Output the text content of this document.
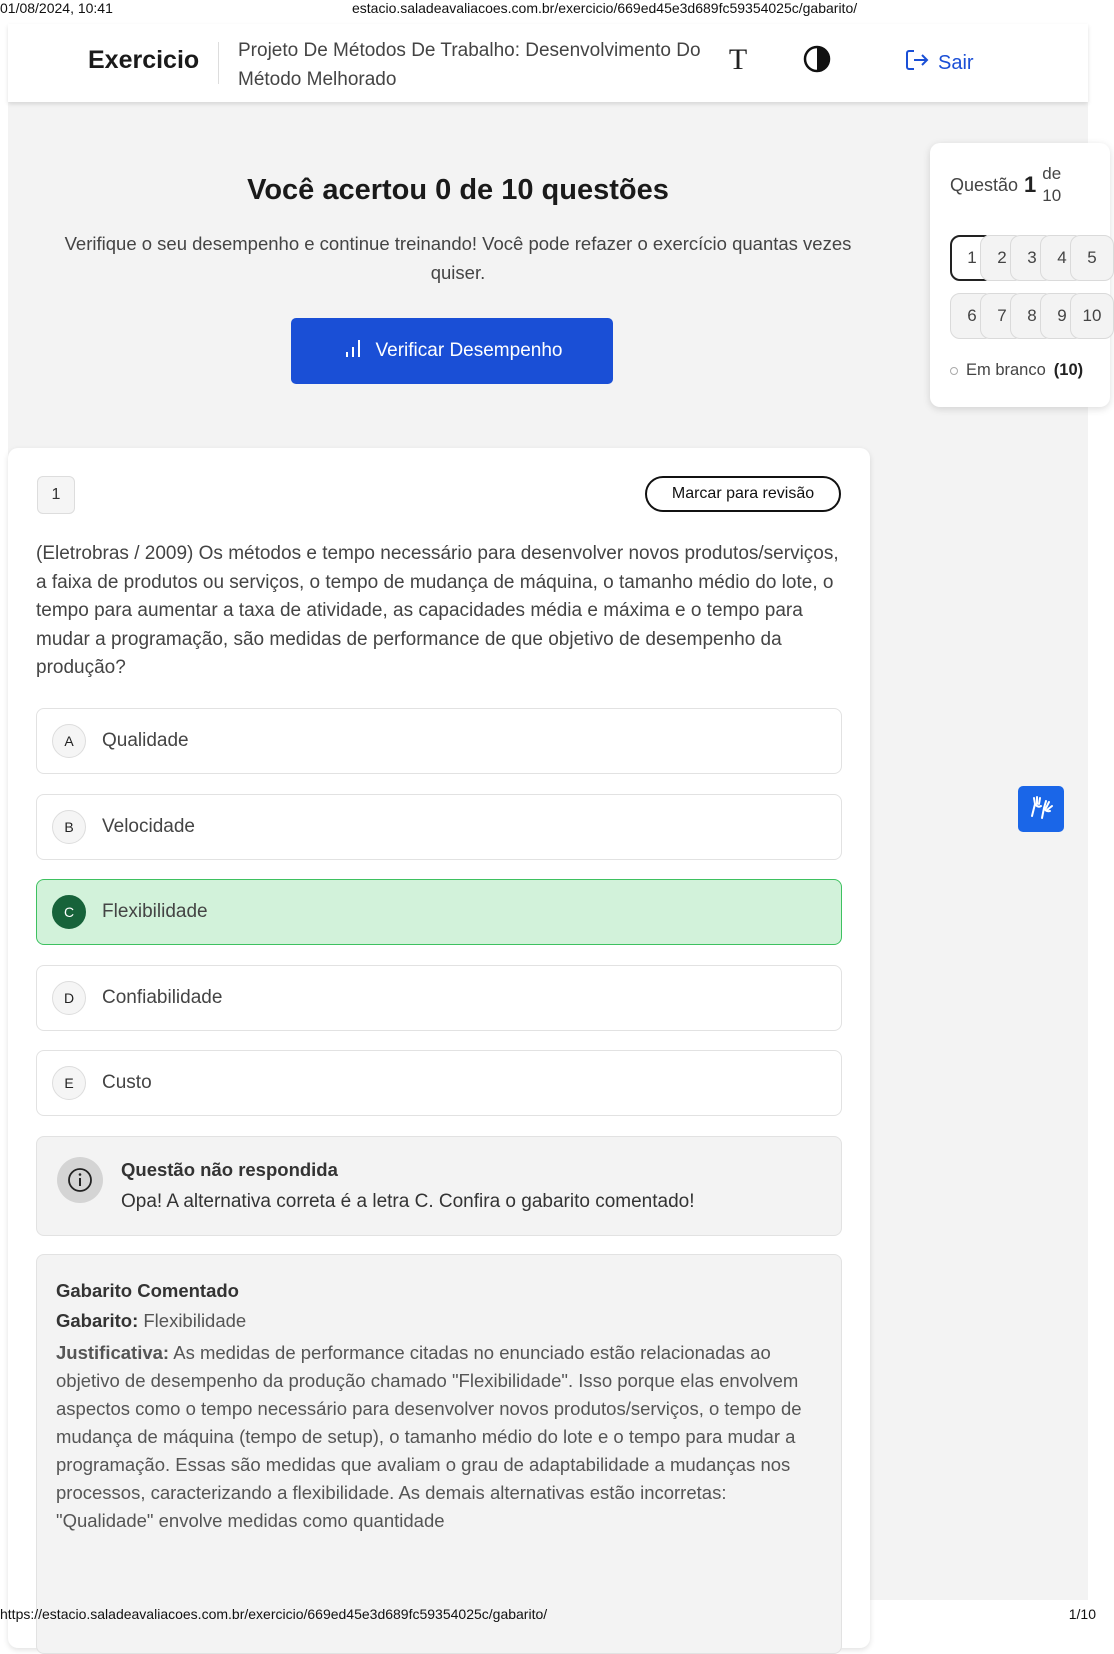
01/08/2024, 10:41	estacio.saladeavaliacoes.com.br/exercicio/669ed45e3d689fc59354025c/gabarito/
Exercicio Projeto De Métodos De Trabalho: Desenvolvimento Do Método Melhorado
T	Sair
Você acertou 0 de 10 questões

Verifique o seu desempenho e continue treinando! Você pode refazer o exercício quantas vezes quiser.

Verificar Desempenho
Questão 1 de
10
1	2	3	4	5
6	7	8	9 10
Em branco (10)
1	Marcar para revisão

(Eletrobras / 2009) Os métodos e tempo necessário para desenvolver novos produtos/serviços, a faixa de produtos ou serviços, o tempo de mudança de máquina, o tamanho médio do lote, o tempo para aumentar a taxa de atividade, as capacidades média e máxima e o tempo para mudar a programação, são medidas de performance de que objetivo de desempenho da produção?

A	Qualidade
B	Velocidade
C	Flexibilidade
D	Confiabilidade
E	Custo
Questão não respondida
Opa! A alternativa correta é a letra C. Confira o gabarito comentado!

Gabarito Comentado

Gabarito: Flexibilidade

Justificativa: As medidas de performance citadas no enunciado estão relacionadas ao objetivo de desempenho da produção chamado "Flexibilidade". Isso porque elas envolvem aspectos como o tempo necessário para desenvolver novos produtos/serviços, o tempo de mudança de máquina (tempo de setup), o tamanho médio do lote e o tempo para mudar a programação. Essas são medidas que avaliam o grau de adaptabilidade a mudanças nos processos, caracterizando a flexibilidade. As demais alternativas estão incorretas: "Qualidade" envolve medidas como quantidade

https://estacio.saladeavaliacoes.com.br/exercicio/669ed45e3d689fc59354025c/gabarito/	1/10
